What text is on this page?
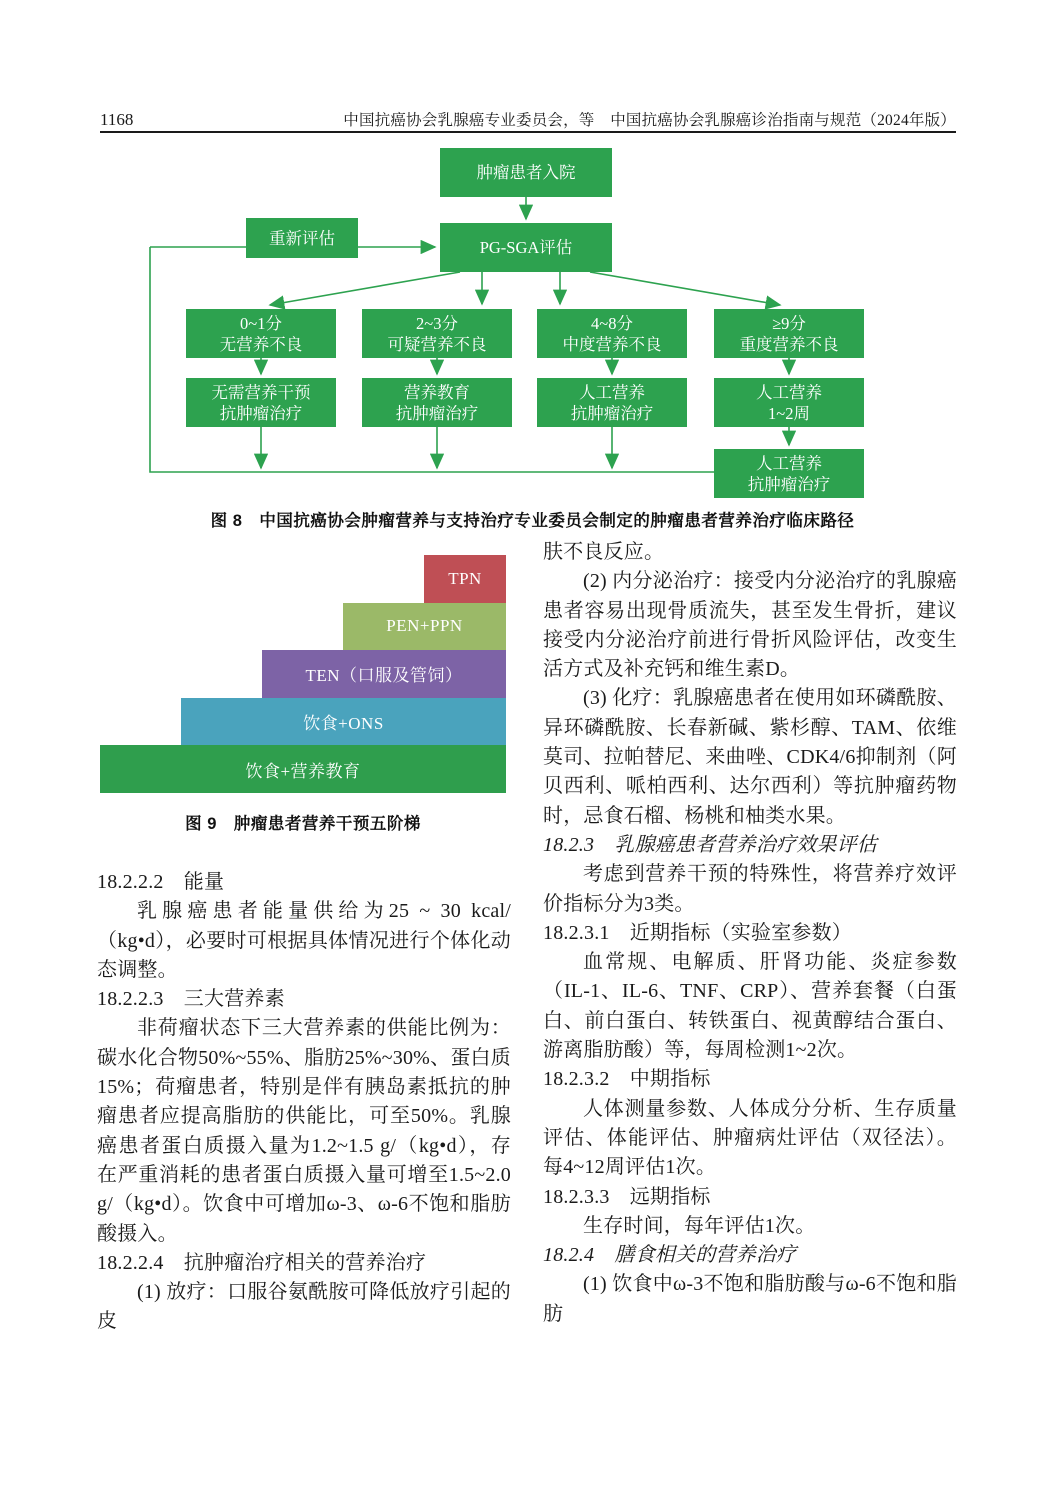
1168	中国抗癌协会乳腺癌专业委员会，等　中国抗癌协会乳腺癌诊治指南与规范（2024年版）
肿瘤患者入院
重新评估	PG-SGA评估
0~1分
无营养不良
2~3分
可疑营养不良
4~8分
中度营养不良
≥9分
重度营养不良
无需营养干预
抗肿瘤治疗
营养教育
抗肿瘤治疗
人工营养
抗肿瘤治疗
人工营养
1~2周
人工营养
抗肿瘤治疗
图 8　中国抗癌协会肿瘤营养与支持治疗专业委员会制定的肿瘤患者营养治疗临床路径
TPN
PEN+PPN
TEN（口服及管饲）
饮食+ONS
饮食+营养教育
图 9　肿瘤患者营养干预五阶梯
18.2.2.2　能量
乳腺癌患者能量供给为25 ~ 30 kcal/（kg•d），必要时可根据具体情况进行个体化动态调整。
18.2.2.3　三大营养素
非荷瘤状态下三大营养素的供能比例为：碳水化合物50%~55%、脂肪25%~30%、蛋白质15%；荷瘤患者，特别是伴有胰岛素抵抗的肿瘤患者应提高脂肪的供能比，可至50%。乳腺癌患者蛋白质摄入量为1.2~1.5 g/（kg•d），存在严重消耗的患者蛋白质摄入量可增至1.5~2.0 g/（kg•d）。饮食中可增加ω-3、ω-6不饱和脂肪酸摄入。
18.2.2.4　抗肿瘤治疗相关的营养治疗
(1) 放疗：口服谷氨酰胺可降低放疗引起的皮
肤不良反应。
(2) 内分泌治疗：接受内分泌治疗的乳腺癌患者容易出现骨质流失，甚至发生骨折，建议接受内分泌治疗前进行骨折风险评估，改变生活方式及补充钙和维生素D。
(3) 化疗：乳腺癌患者在使用如环磷酰胺、异环磷酰胺、长春新碱、紫杉醇、TAM、依维莫司、拉帕替尼、来曲唑、CDK4/6抑制剂（阿贝西利、哌柏西利、达尔西利）等抗肿瘤药物时，忌食石榴、杨桃和柚类水果。
18.2.3　乳腺癌患者营养治疗效果评估
考虑到营养干预的特殊性，将营养疗效评价指标分为3类。
18.2.3.1　近期指标（实验室参数）
血常规、电解质、肝肾功能、炎症参数（IL-1、IL-6、TNF、CRP）、营养套餐（白蛋白、前白蛋白、转铁蛋白、视黄醇结合蛋白、游离脂肪酸）等，每周检测1~2次。
18.2.3.2　中期指标
人体测量参数、人体成分分析、生存质量评估、体能评估、肿瘤病灶评估（双径法）。每4~12周评估1次。
18.2.3.3　远期指标
生存时间，每年评估1次。
18.2.4　膳食相关的营养治疗
(1) 饮食中ω-3不饱和脂肪酸与ω-6不饱和脂肪
